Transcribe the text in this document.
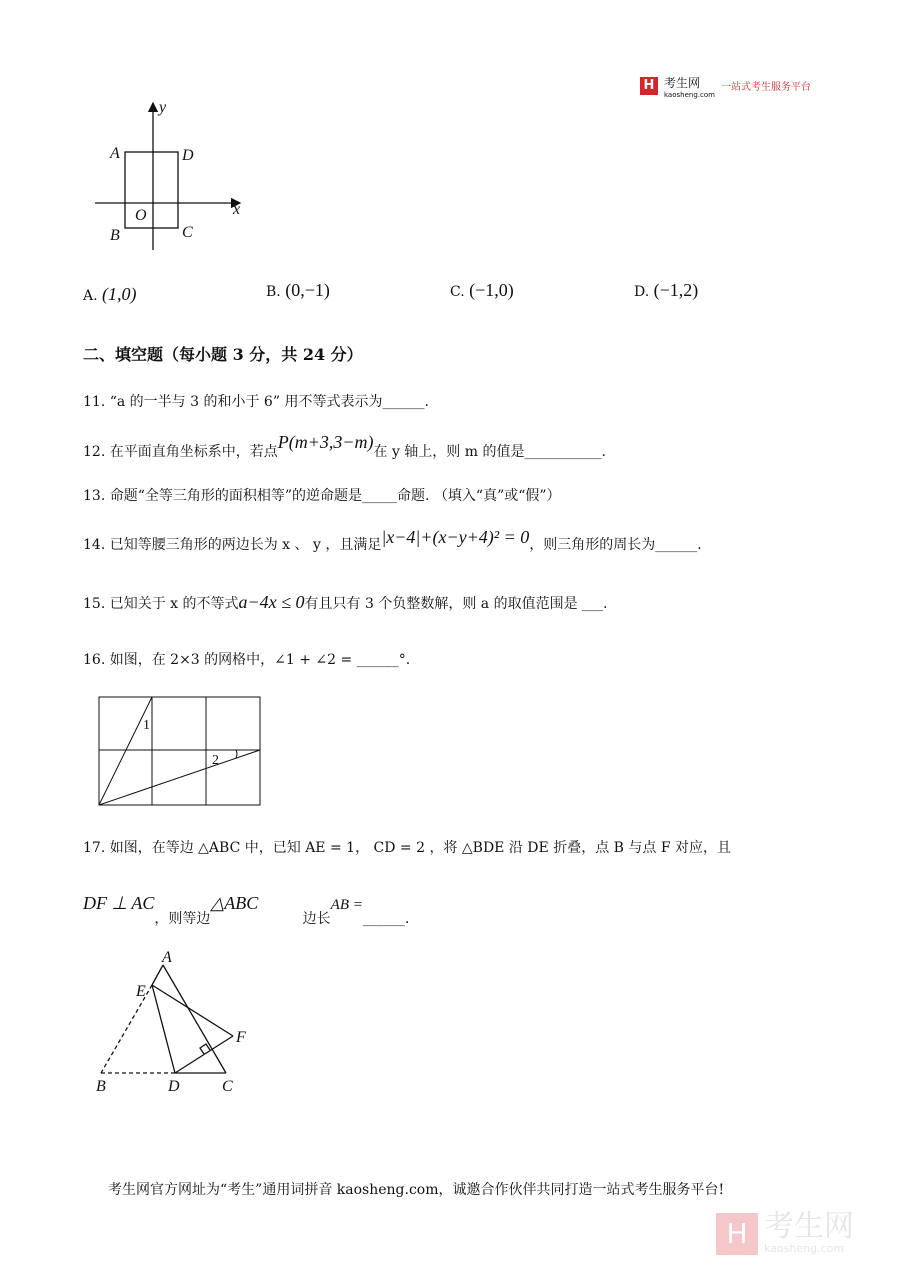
H 考生网
kaosheng.com
一站式考生服务平台
A	D
O	x
y
B	C
1
2
A
E
F
B	D	C
A. (1,0)	B. (0,−1)	C. (−1,0)	D. (−1,2)
二、填空题（每小题 3 分，共 24 分）
11. “a 的一半与 3 的和小于 6” 用不等式表示为______.
12. 在平面直角坐标系中，若点P(m+3,3−m)在 y 轴上，则 m 的值是___________.
13. 命题“全等三角形的面积相等”的逆命题是_____命题. （填入“真”或“假”）
14. 已知等腰三角形的两边长为 x 、 y ，且满足|x−4|+(x−y+4)² = 0，则三角形的周长为______.
15. 已知关于 x 的不等式a−4x ≤ 0有且只有 3 个负整数解，则 a 的取值范围是 ___.
16. 如图，在 2×3 的网格中，∠1 + ∠2 = ______°.
17. 如图，在等边 △ABC 中，已知 AE = 1， CD = 2 ，将 △BDE 沿 DE 折叠，点 B 与点 F 对应，且
DF ⊥ AC，则等边△ABC 边长AB =______.
考生网官方网址为“考生”通用词拼音 kaosheng.com，诚邀合作伙伴共同打造一站式考生服务平台!
H 考生网
kaosheng.com
